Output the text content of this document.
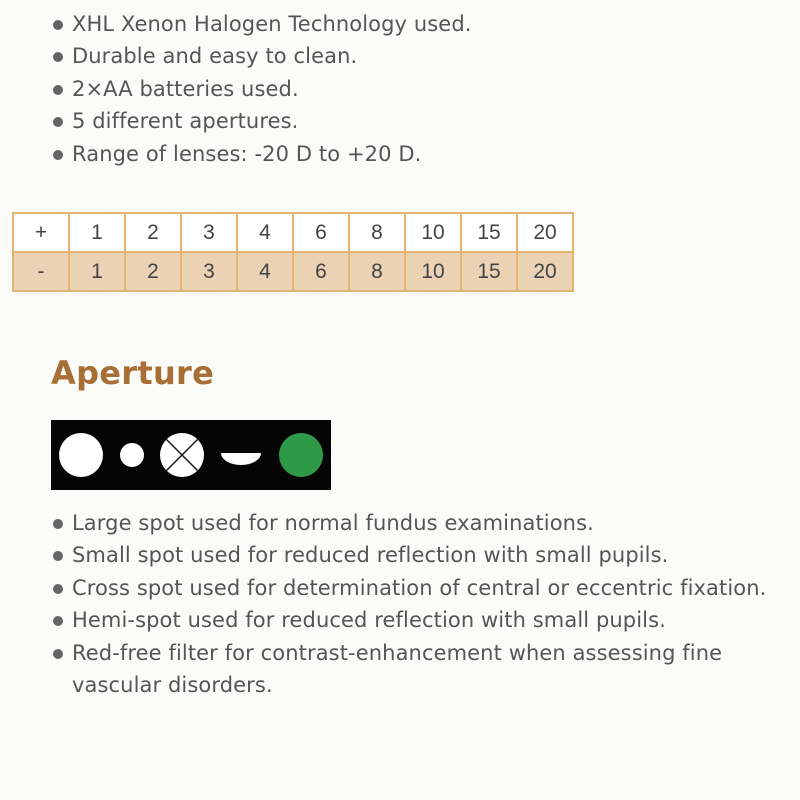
XHL Xenon Halogen Technology used.
Durable and easy to clean.
2×AA batteries used.
5 different apertures.
Range of lenses: -20 D to +20 D.
+	1	2	3	4	6	8	10	15	20
-	1	2	3	4	6	8	10	15	20
Aperture
Large spot used for normal fundus examinations.
Small spot used for reduced reflection with small pupils.
Cross spot used for determination of central or eccentric fixation.
Hemi-spot used for reduced reflection with small pupils.
Red-free filter for contrast-enhancement when assessing fine vascular disorders.
